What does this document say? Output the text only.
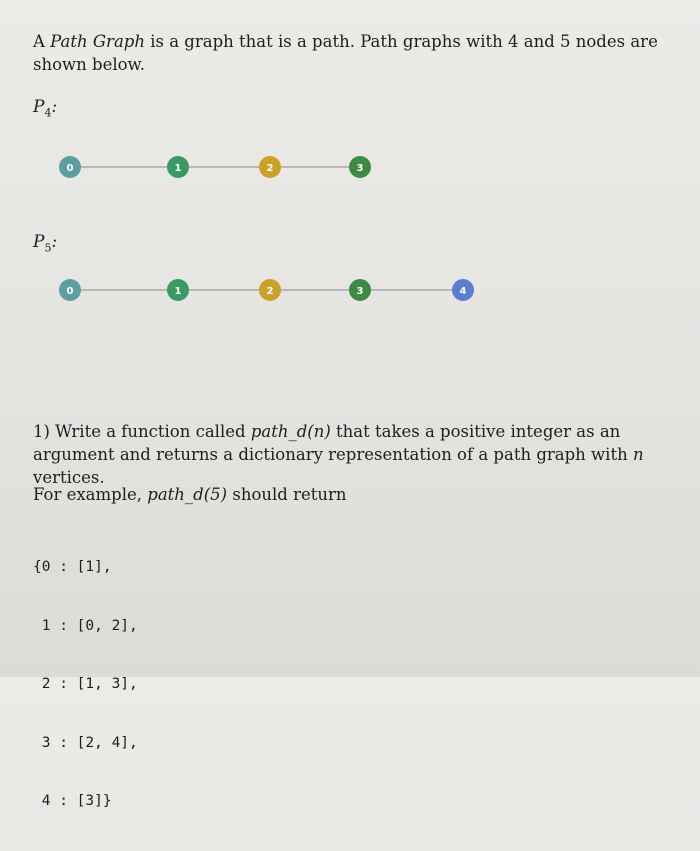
A Path Graph is a graph that is a path. Path graphs with 4 and 5 nodes are shown below.

$P_4$:

0	1	2	3

$P_5$:

0	1	2	3	4

1) Write a function called path_d(n) that takes a positive integer as an argument and returns a dictionary representation of a path graph with n vertices.

For example, path_d(5) should return

{0 : [1],

1 : [0, 2],

2 : [1, 3],

3 : [2, 4],

4 : [3]}
